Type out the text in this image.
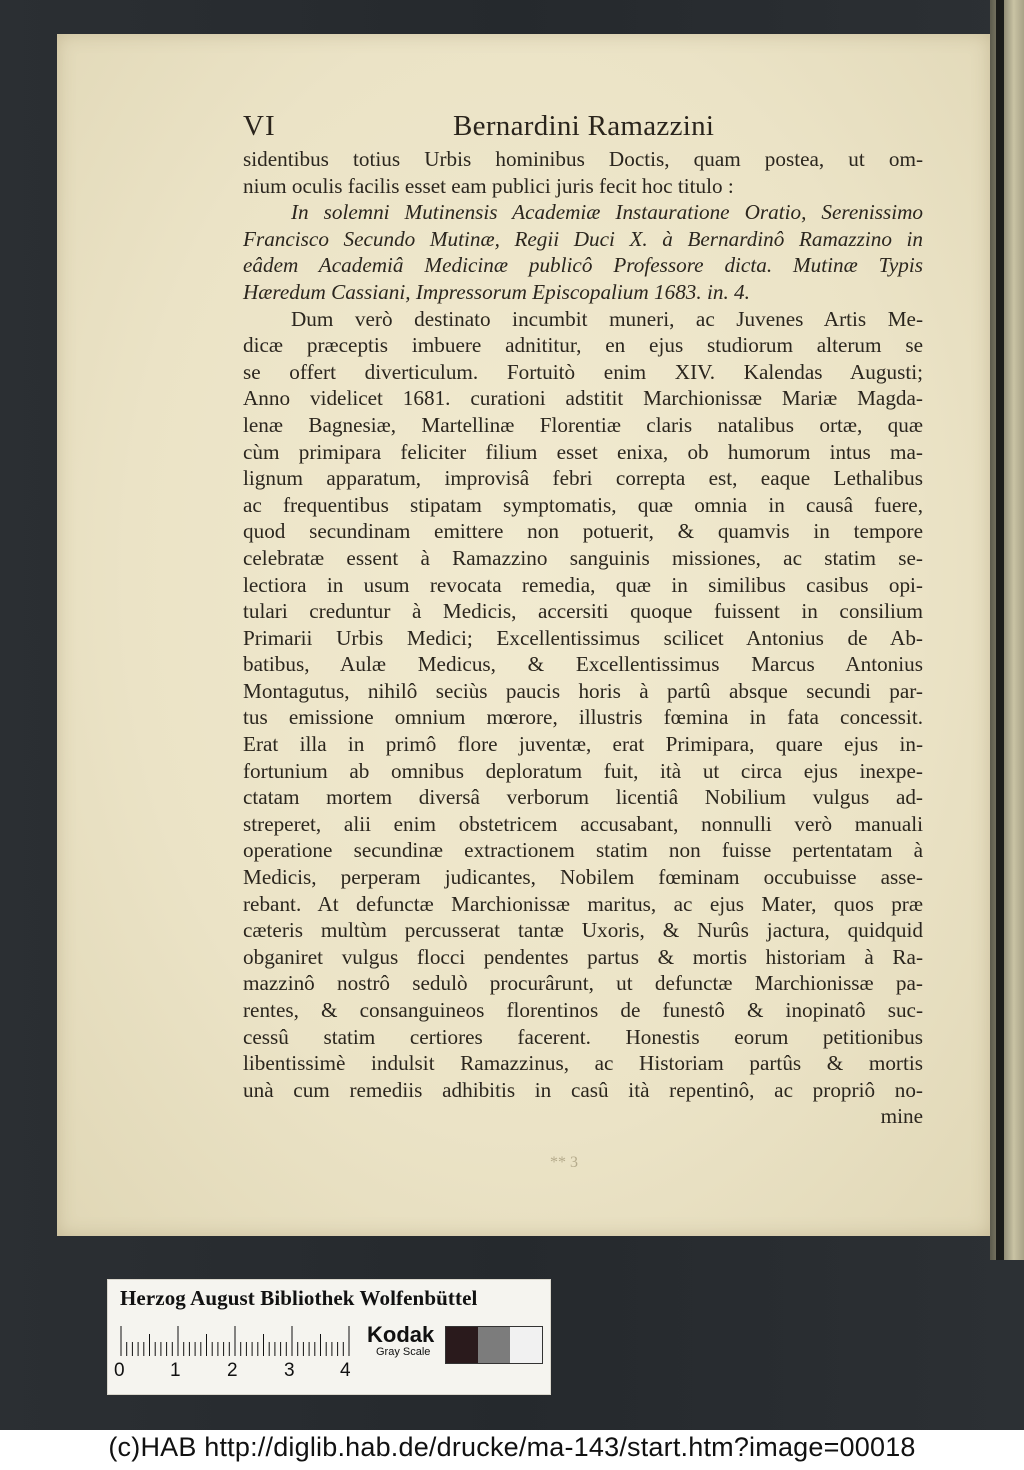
VI	Bernardini Ramazzini
sidentibus totius Urbis hominibus Doctis, quam postea, ut om-
nium oculis facilis esset eam publici juris fecit hoc titulo :
In solemni Mutinensis Academiæ Instauratione Oratio, Serenissimo
Francisco Secundo Mutinæ, Regii Duci X. à Bernardinô Ramazzino in
eâdem Academiâ Medicinæ publicô Professore dicta. Mutinæ Typis
Hæredum Cassiani, Impressorum Episcopalium 1683. in. 4.
Dum verò destinato incumbit muneri, ac Juvenes Artis Me-
dicæ præceptis imbuere adnititur, en ejus studiorum alterum se
se offert diverticulum. Fortuitò enim XIV. Kalendas Augusti;
Anno videlicet 1681. curationi adstitit Marchionissæ Mariæ Magda-
lenæ Bagnesiæ, Martellinæ Florentiæ claris natalibus ortæ, quæ
cùm primipara feliciter filium esset enixa, ob humorum intus ma-
lignum apparatum, improvisâ febri correpta est, eaque Lethalibus
ac frequentibus stipatam symptomatis, quæ omnia in causâ fuere,
quod secundinam emittere non potuerit, & quamvis in tempore
celebratæ essent à Ramazzino sanguinis missiones, ac statim se-
lectiora in usum revocata remedia, quæ in similibus casibus opi-
tulari creduntur à Medicis, accersiti quoque fuissent in consilium
Primarii Urbis Medici; Excellentissimus scilicet Antonius de Ab-
batibus, Aulæ Medicus, & Excellentissimus Marcus Antonius
Montagutus, nihilô seciùs paucis horis à partû absque secundi par-
tus emissione omnium mœrore, illustris fœmina in fata concessit.
Erat illa in primô flore juventæ, erat Primipara, quare ejus in-
fortunium ab omnibus deploratum fuit, ità ut circa ejus inexpe-
ctatam mortem diversâ verborum licentiâ Nobilium vulgus ad-
streperet, alii enim obstetricem accusabant, nonnulli verò manuali
operatione secundinæ extractionem statim non fuisse pertentatam à
Medicis, perperam judicantes, Nobilem fœminam occubuisse asse-
rebant. At defunctæ Marchionissæ maritus, ac ejus Mater, quos præ
cæteris multùm percusserat tantæ Uxoris, & Nurûs jactura, quidquid
obganiret vulgus flocci pendentes partus & mortis historiam à Ra-
mazzinô nostrô sedulò procurârunt, ut defunctæ Marchionissæ pa-
rentes, & consanguineos florentinos de funestô & inopinatô suc-
cessû statim certiores facerent. Honestis eorum petitionibus
libentissimè indulsit Ramazzinus, ac Historiam partûs & mortis
unà cum remediis adhibitis in casû ità repentinô, ac propriô no-
mine
** 3
Herzog August Bibliothek Wolfenbüttel
0 1 2 3 4
Kodak
Gray Scale
(c)HAB http://diglib.hab.de/drucke/ma-143/start.htm?image=00018
